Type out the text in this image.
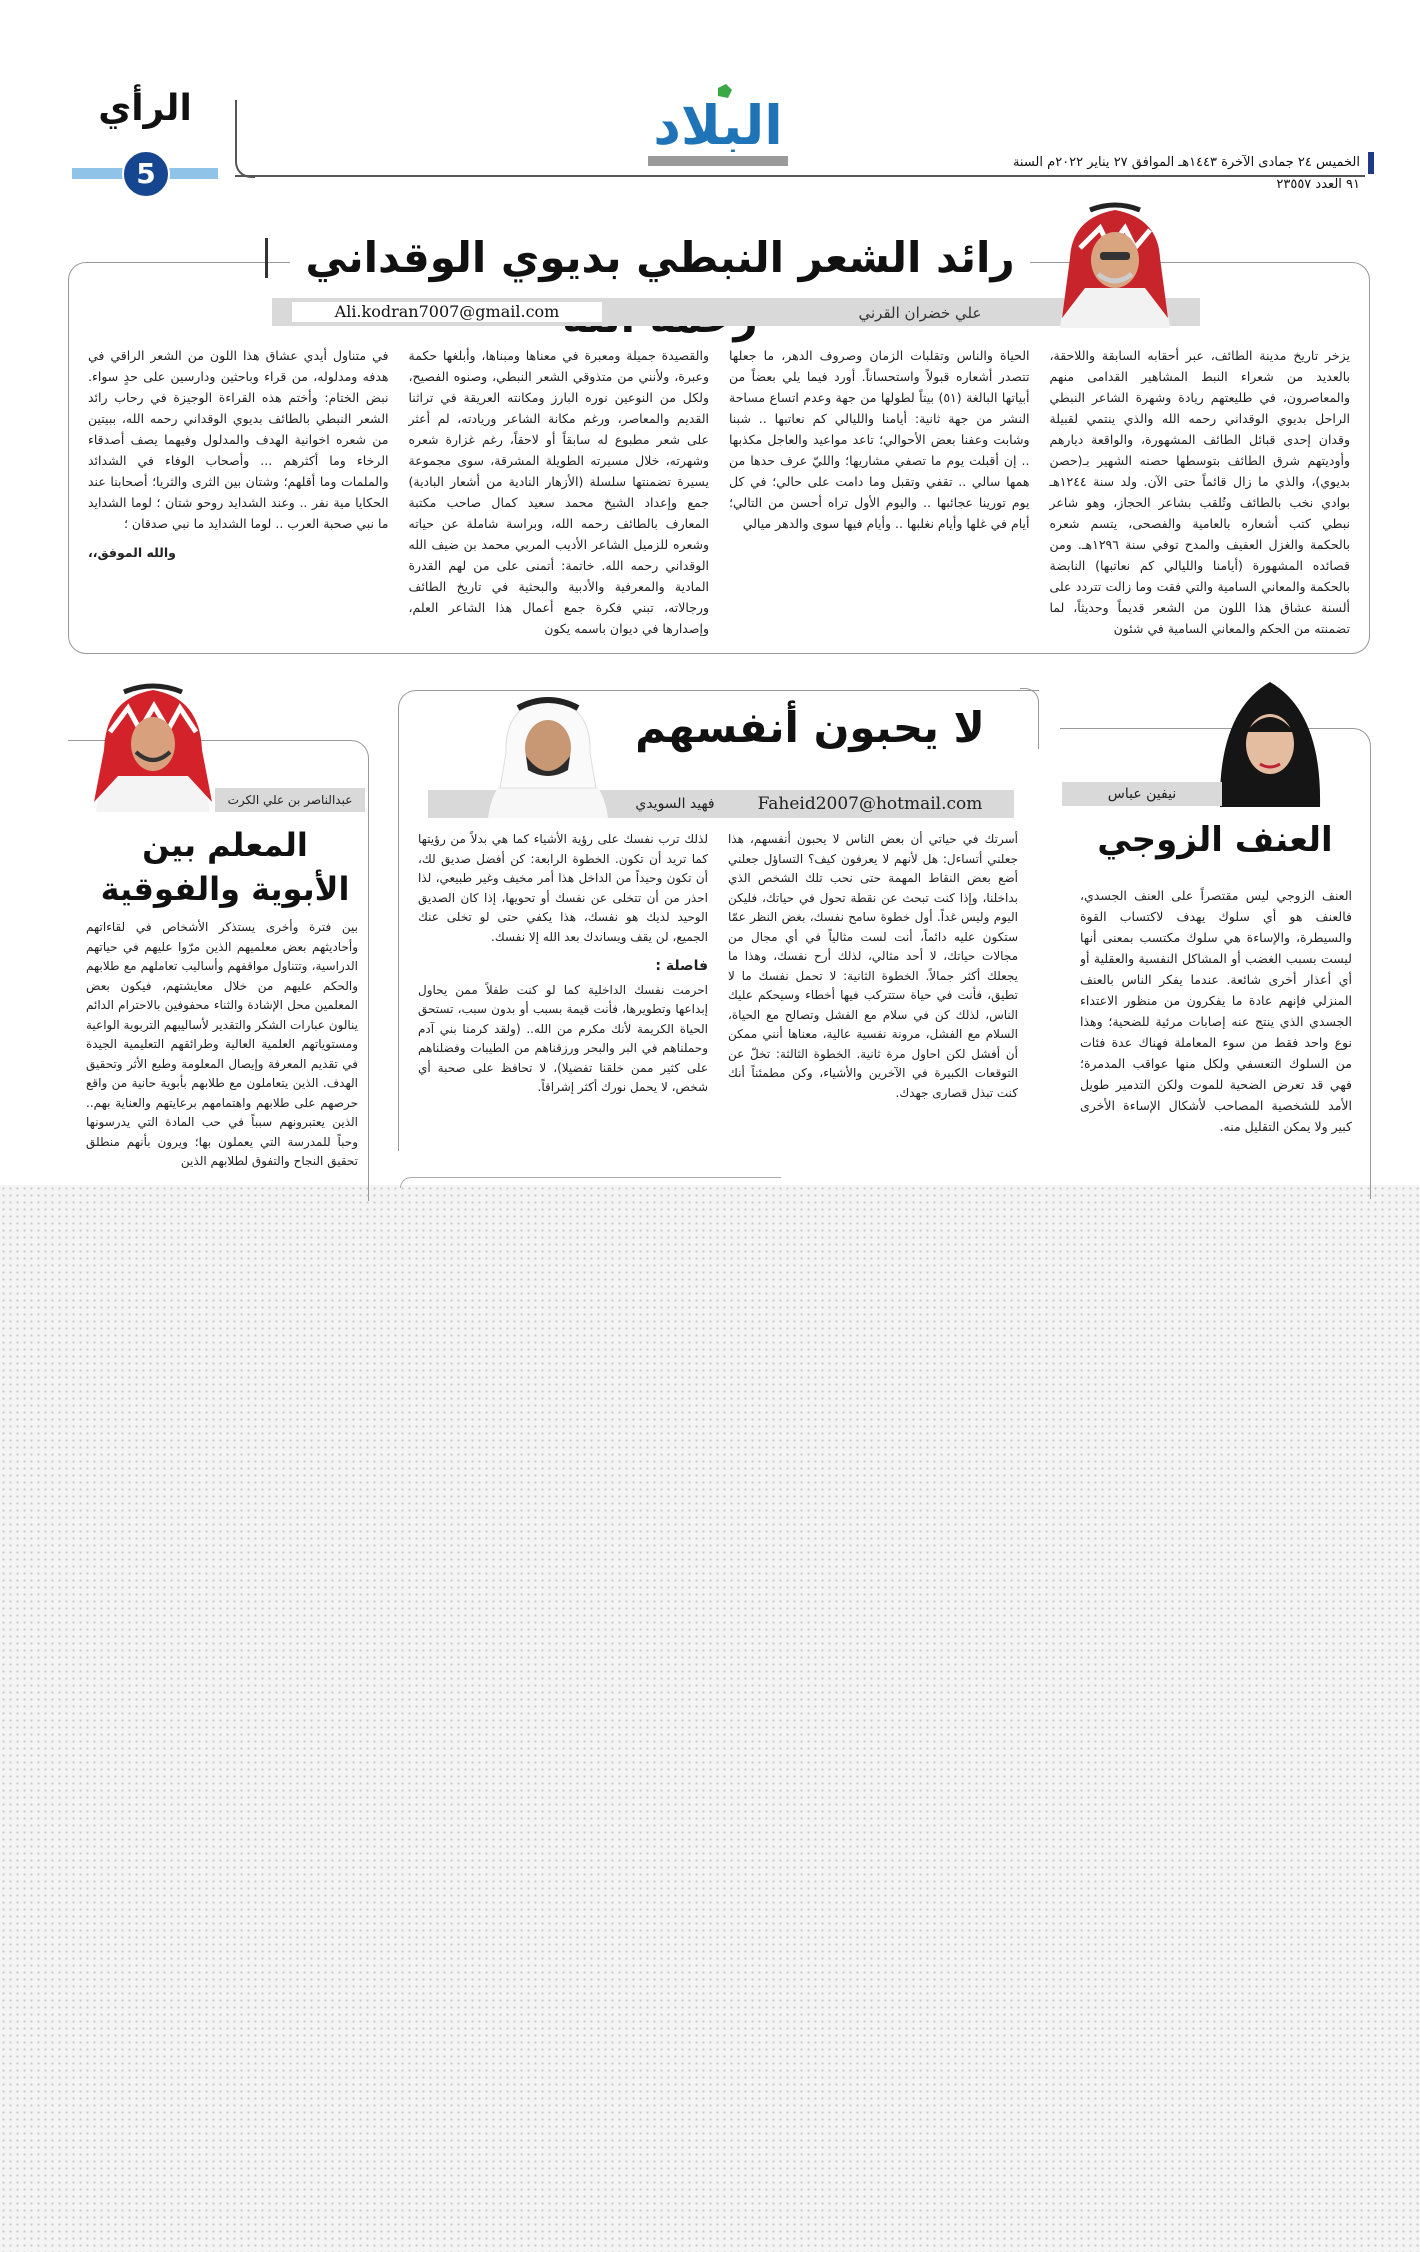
البلاد
الخميس ٢٤ جمادى الآخرة ١٤٤٣هـ الموافق ٢٧ يناير ٢٠٢٢م السنة ٩١ العدد ٢٣٥٥٧
الرأي
5
رائد الشعر النبطي بديوي الوقداني
علي خضران القرني
Ali.kodran7007@gmail.com

يزخر تاريخ مدينة الطائف، عبر أحقابه السابقة واللاحقة، بالعديد من شعراء النبط المشاهير القدامى منهم والمعاصرون، في طليعتهم ريادة وشهرة الشاعر النبطي الراحل بديوي الوقداني رحمه الله والذي ينتمي لقبيلة وقدان إحدى قبائل الطائف المشهورة، والواقعة ديارهم وأوديتهم شرق الطائف بتوسطها حصنه الشهير بـ(حصن بديوي)، والذي ما زال قائماً حتى الآن. ولد سنة ١٢٤٤هـ بوادي نخب بالطائف وتُلقب بشاعر الحجاز، وهو شاعر نبطي كتب أشعاره بالعامية والفصحى، يتسم شعره بالحكمة والغزل العفيف والمدح توفي سنة ١٢٩٦هـ. ومن قصائده المشهورة (أيامنا والليالي كم نعاتبها) النابضة بالحكمة والمعاني السامية والتي فقت وما زالت تتردد على ألسنة عشاق هذا اللون من الشعر قديماً وحديثاً، لما تضمنته من الحكم والمعاني السامية في شئون

الحياة والناس وتقلبات الزمان وصروف الدهر، ما جعلها تتصدر أشعاره قبولاً واستحساناً. أورد فيما يلي بعضاً من أبياتها البالغة (٥١) بيتاً لطولها من جهة وعدم اتساع مساحة النشر من جهة ثانية: أيامنا والليالي كم نعاتبها .. شبنا وشابت وعفنا بعض الأحوالي؛ تاعد مواعيد والعاجل مكذبها .. إن أقبلت يوم ما تصفي مشاريها؛ والليّ عرف حدها من همها سالي .. تقفي وتقبل وما دامت على حالي؛ في كل يوم تورينا عجائبها .. واليوم الأول تراه أحسن من التالي؛ أيام في غلها وأيام نغلبها .. وأيام فيها سوى والدهر ميالي

والقصيدة جميلة ومعبرة في معناها ومبناها، وأبلغها حكمة وعبرة، ولأنني من متذوقي الشعر النبطي، وصنوه الفصيح، ولكل من النوعين نوره البارز ومكانته العريقة في تراثنا القديم والمعاصر، ورغم مكانة الشاعر وريادته، لم أعثر على شعر مطبوع له سابقاً أو لاحقاً، رغم غزارة شعره وشهرته، خلال مسيرته الطويلة المشرقة، سوى مجموعة يسيرة تضمنتها سلسلة (الأزهار النادية من أشعار البادية) جمع وإعداد الشيخ محمد سعيد كمال صاحب مكتبة المعارف بالطائف رحمه الله، وبراسة شاملة عن حياته وشعره للزميل الشاعر الأديب المربي محمد بن ضيف الله الوقداني رحمه الله. خاتمة: أتمنى على من لهم القدرة المادية والمعرفية والأدبية والبحثية في تاريخ الطائف ورجالاته، تبني فكرة جمع أعمال هذا الشاعر العلم، وإصدارها في ديوان باسمه يكون

في متناول أيدي عشاق هذا اللون من الشعر الراقي في هدفه ومدلوله، من قراء وباحثين ودارسين على حدٍ سواء. نبض الختام: وأختم هذه القراءة الوجيزة في رحاب رائد الشعر النبطي بالطائف بديوي الوقداني رحمه الله، ببيتين من شعره اخوانية الهدف والمدلول وفيهما يصف أصدقاء الرخاء وما أكثرهم ... وأصحاب الوفاء في الشدائد والملمات وما أقلهم؛ وشتان بين الثرى والثريا؛ أصحابنا عند الحكايا مية نفر .. وعند الشدايد روحو شتان ؛ لوما الشدايد ما نبي صحبة العرب .. لوما الشدايد ما نبي صدقان ؛

والله الموفق،،

نيفين عباس
العنف الزوجي
العنف الزوجي ليس مقتصراً على العنف الجسدي، فالعنف هو أي سلوك يهدف لاكتساب القوة والسيطرة، والإساءة هي سلوك مكتسب بمعنى أنها ليست بسبب الغضب أو المشاكل النفسية والعقلية أو أي أعذار أخرى شائعة. عندما يفكر الناس بالعنف المنزلي فإنهم عادة ما يفكرون من منظور الاعتداء الجسدي الذي ينتج عنه إصابات مرئية للضحية؛ وهذا نوع واحد فقط من سوء المعاملة فهناك عدة فئات من السلوك التعسفي ولكل منها عواقب المدمرة؛ فهي قد تعرض الضحية للموت ولكن التدمير طويل الأمد للشخصية المصاحب لأشكال الإساءة الأخرى كبير ولا يمكن التقليل منه.
لا يحبون أنفسهم
فهيد السويدي	Faheid2007@hotmail.com

أسرتك في حياتي أن بعض الناس لا يحبون أنفسهم، هذا جعلني أتساءل: هل لأنهم لا يعرفون كيف؟ التساؤل جعلني أضع بعض النقاط المهمة حتى نحب تلك الشخص الذي بداخلنا، وإذا كنت تبحث عن نقطة تحول في حياتك، فليكن اليوم وليس غداً. أول خطوة سامح نفسك، بغض النظر عمّا ستكون عليه دائماً، أنت لست مثالياً في أي مجال من مجالات حياتك، لا أحد مثالي، لذلك أرح نفسك، وهذا ما يجعلك أكثر جمالاً. الخطوة الثانية: لا تحمل نفسك ما لا تطيق، فأنت في حياة ستتركب فيها أخطاء وسيحكم عليك الناس، لذلك كن في سلام مع الفشل وتصالح مع الحياة، السلام مع الفشل، مرونة نفسية عالية، معناها أنني ممكن أن أفشل لكن احاول مرة ثانية. الخطوة الثالثة: تخلّ عن التوقعات الكبيرة في الآخرين والأشياء، وكن مطمئناً أنك كنت تبذل قصارى جهدك.

لذلك ترب نفسك على رؤية الأشياء كما هي بدلاً من رؤيتها كما تريد أن تكون. الخطوة الرابعة: كن أفضل صديق لك، أن تكون وحيداً من الداخل هذا أمر مخيف وغير طبيعي، لذا احذر من أن تتخلى عن نفسك أو تحويها، إذا كان الصديق الوحيد لديك هو نفسك، هذا يكفي حتى لو تخلى عنك الجميع، لن يقف ويساندك بعد الله إلا نفسك.

فاصلة :

احرمت نفسك الداخلية كما لو كنت طفلاً ممن يحاول إبداعها وتطويرها، فأنت قيمة بسبب أو بدون سبب، تستحق الحياة الكريمة لأنك مكرم من الله.. (ولقد كرمنا بني آدم وحملناهم في البر والبحر ورزقناهم من الطيبات وفضلناهم على كثير ممن خلقنا تفضيلا)، لا تحافظ على صحبة أي شخص، لا يحمل نورك أكثر إشراقاً.

عبدالناصر بن علي الكرت
المعلم بين
الأبوية والفوقية
بين فترة وأخرى يستذكر الأشخاص في لقاءاتهم وأحاديثهم بعض معلميهم الذين مرّوا عليهم في حياتهم الدراسية، وتتناول مواقفهم وأساليب تعاملهم مع طلابهم والحكم عليهم من خلال معايشتهم، فيكون بعض المعلمين محل الإشادة والثناء محفوفين بالاحترام الدائم ينالون عبارات الشكر والتقدير لأساليبهم التربوية الواعية ومستوياتهم العلمية العالية وطرائقهم التعليمية الجيدة في تقديم المعرفة وإيصال المعلومة وطبع الأثر وتحقيق الهدف. الذين يتعاملون مع طلابهم بأبوية حانية من واقع حرصهم على طلابهم واهتمامهم برعايتهم والعناية بهم.. الذين يعتبرونهم سبباً في حب المادة التي يدرسونها وحباً للمدرسة التي يعملون بها؛ ويرون بأنهم منطلق تحقيق النجاح والتفوق لطلابهم الذين
